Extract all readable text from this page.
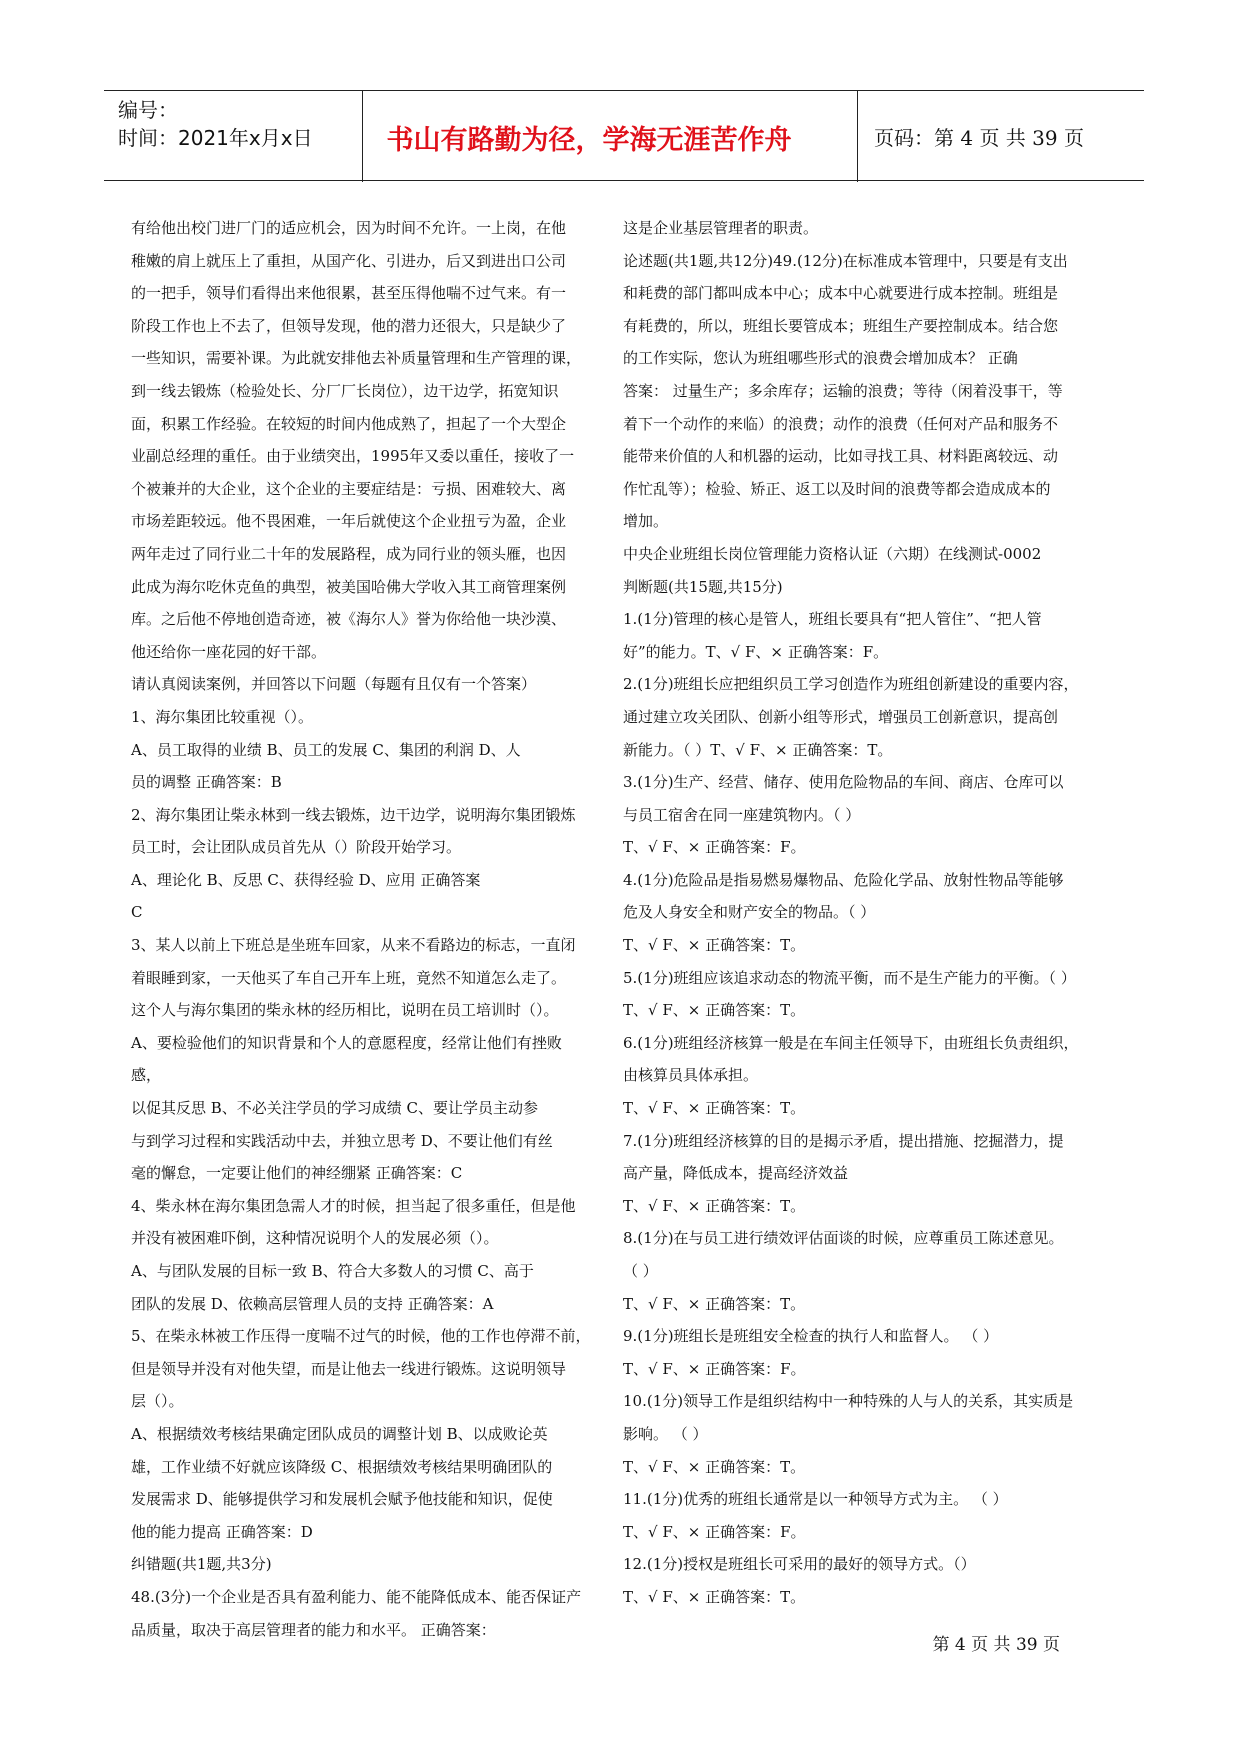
编号：
时间：2021年x月x日	书山有路勤为径，学海无涯苦作舟	页码：第 4 页 共 39 页

有给他出校门进厂门的适应机会，因为时间不允许。一上岗，在他

稚嫩的肩上就压上了重担，从国产化、引进办，后又到进出口公司

的一把手，领导们看得出来他很累，甚至压得他喘不过气来。有一

阶段工作也上不去了，但领导发现，他的潜力还很大，只是缺少了

一些知识，需要补课。为此就安排他去补质量管理和生产管理的课，

到一线去锻炼（检验处长、分厂厂长岗位），边干边学，拓宽知识

面，积累工作经验。在较短的时间内他成熟了，担起了一个大型企

业副总经理的重任。由于业绩突出，1995年又委以重任，接收了一

个被兼并的大企业，这个企业的主要症结是：亏损、困难较大、离

市场差距较远。他不畏困难，一年后就使这个企业扭亏为盈，企业

两年走过了同行业二十年的发展路程，成为同行业的领头雁，也因

此成为海尔吃休克鱼的典型，被美国哈佛大学收入其工商管理案例

库。之后他不停地创造奇迹，被《海尔人》誉为你给他一块沙漠、

他还给你一座花园的好干部。

请认真阅读案例，并回答以下问题（每题有且仅有一个答案）

1、海尔集团比较重视（）。

A、员工取得的业绩 B、员工的发展 C、集团的利润 D、人

员的调整 正确答案：B

2、海尔集团让柴永林到一线去锻炼，边干边学，说明海尔集团锻炼

员工时，会让团队成员首先从（）阶段开始学习。

A、理论化 B、反思 C、获得经验 D、应用 正确答案

C

3、某人以前上下班总是坐班车回家，从来不看路边的标志，一直闭

着眼睡到家，一天他买了车自己开车上班，竟然不知道怎么走了。

这个人与海尔集团的柴永林的经历相比，说明在员工培训时（）。

A、要检验他们的知识背景和个人的意愿程度，经常让他们有挫败感，

以促其反思 B、不必关注学员的学习成绩 C、要让学员主动参

与到学习过程和实践活动中去，并独立思考 D、不要让他们有丝

毫的懈怠，一定要让他们的神经绷紧 正确答案：C

4、柴永林在海尔集团急需人才的时候，担当起了很多重任，但是他

并没有被困难吓倒，这种情况说明个人的发展必须（）。

A、与团队发展的目标一致 B、符合大多数人的习惯 C、高于

团队的发展 D、依赖高层管理人员的支持 正确答案：A

5、在柴永林被工作压得一度喘不过气的时候，他的工作也停滞不前，

但是领导并没有对他失望，而是让他去一线进行锻炼。这说明领导

层（）。

A、根据绩效考核结果确定团队成员的调整计划 B、以成败论英

雄，工作业绩不好就应该降级 C、根据绩效考核结果明确团队的

发展需求 D、能够提供学习和发展机会赋予他技能和知识，促使

他的能力提高 正确答案：D

纠错题(共1题,共3分)

48.(3分)一个企业是否具有盈利能力、能不能降低成本、能否保证产

品质量，取决于高层管理者的能力和水平。 正确答案：

这是企业基层管理者的职责。

论述题(共1题,共12分)49.(12分)在标准成本管理中，只要是有支出

和耗费的部门都叫成本中心；成本中心就要进行成本控制。班组是

有耗费的，所以，班组长要管成本；班组生产要控制成本。结合您

的工作实际，您认为班组哪些形式的浪费会增加成本？ 正确

答案： 过量生产；多余库存；运输的浪费；等待（闲着没事干，等

着下一个动作的来临）的浪费；动作的浪费（任何对产品和服务不

能带来价值的人和机器的运动，比如寻找工具、材料距离较远、动

作忙乱等）；检验、矫正、返工以及时间的浪费等都会造成成本的

增加。

中央企业班组长岗位管理能力资格认证（六期）在线测试-0002

判断题(共15题,共15分)

1.(1分)管理的核心是管人，班组长要具有“把人管住”、“把人管

好”的能力。T、√ F、× 正确答案：F。

2.(1分)班组长应把组织员工学习创造作为班组创新建设的重要内容，

通过建立攻关团队、创新小组等形式，增强员工创新意识，提高创

新能力。（ ）T、√ F、× 正确答案：T。

3.(1分)生产、经营、储存、使用危险物品的车间、商店、仓库可以

与员工宿舍在同一座建筑物内。（ ）

T、√ F、× 正确答案：F。

4.(1分)危险品是指易燃易爆物品、危险化学品、放射性物品等能够

危及人身安全和财产安全的物品。（ ）

T、√ F、× 正确答案：T。

5.(1分)班组应该追求动态的物流平衡，而不是生产能力的平衡。（ ）

T、√ F、× 正确答案：T。

6.(1分)班组经济核算一般是在车间主任领导下，由班组长负责组织，

由核算员具体承担。

T、√ F、× 正确答案：T。

7.(1分)班组经济核算的目的是揭示矛盾，提出措施、挖掘潜力，提

高产量，降低成本，提高经济效益

T、√ F、× 正确答案：T。

8.(1分)在与员工进行绩效评估面谈的时候，应尊重员工陈述意见。

（ ）

T、√ F、× 正确答案：T。

9.(1分)班组长是班组安全检查的执行人和监督人。 （ ）

T、√ F、× 正确答案：F。

10.(1分)领导工作是组织结构中一种特殊的人与人的关系，其实质是

影响。 （ ）

T、√ F、× 正确答案：T。

11.(1分)优秀的班组长通常是以一种领导方式为主。 （ ）

T、√ F、× 正确答案：F。

12.(1分)授权是班组长可采用的最好的领导方式。（）

T、√ F、× 正确答案：T。

第 4 页 共 39 页
